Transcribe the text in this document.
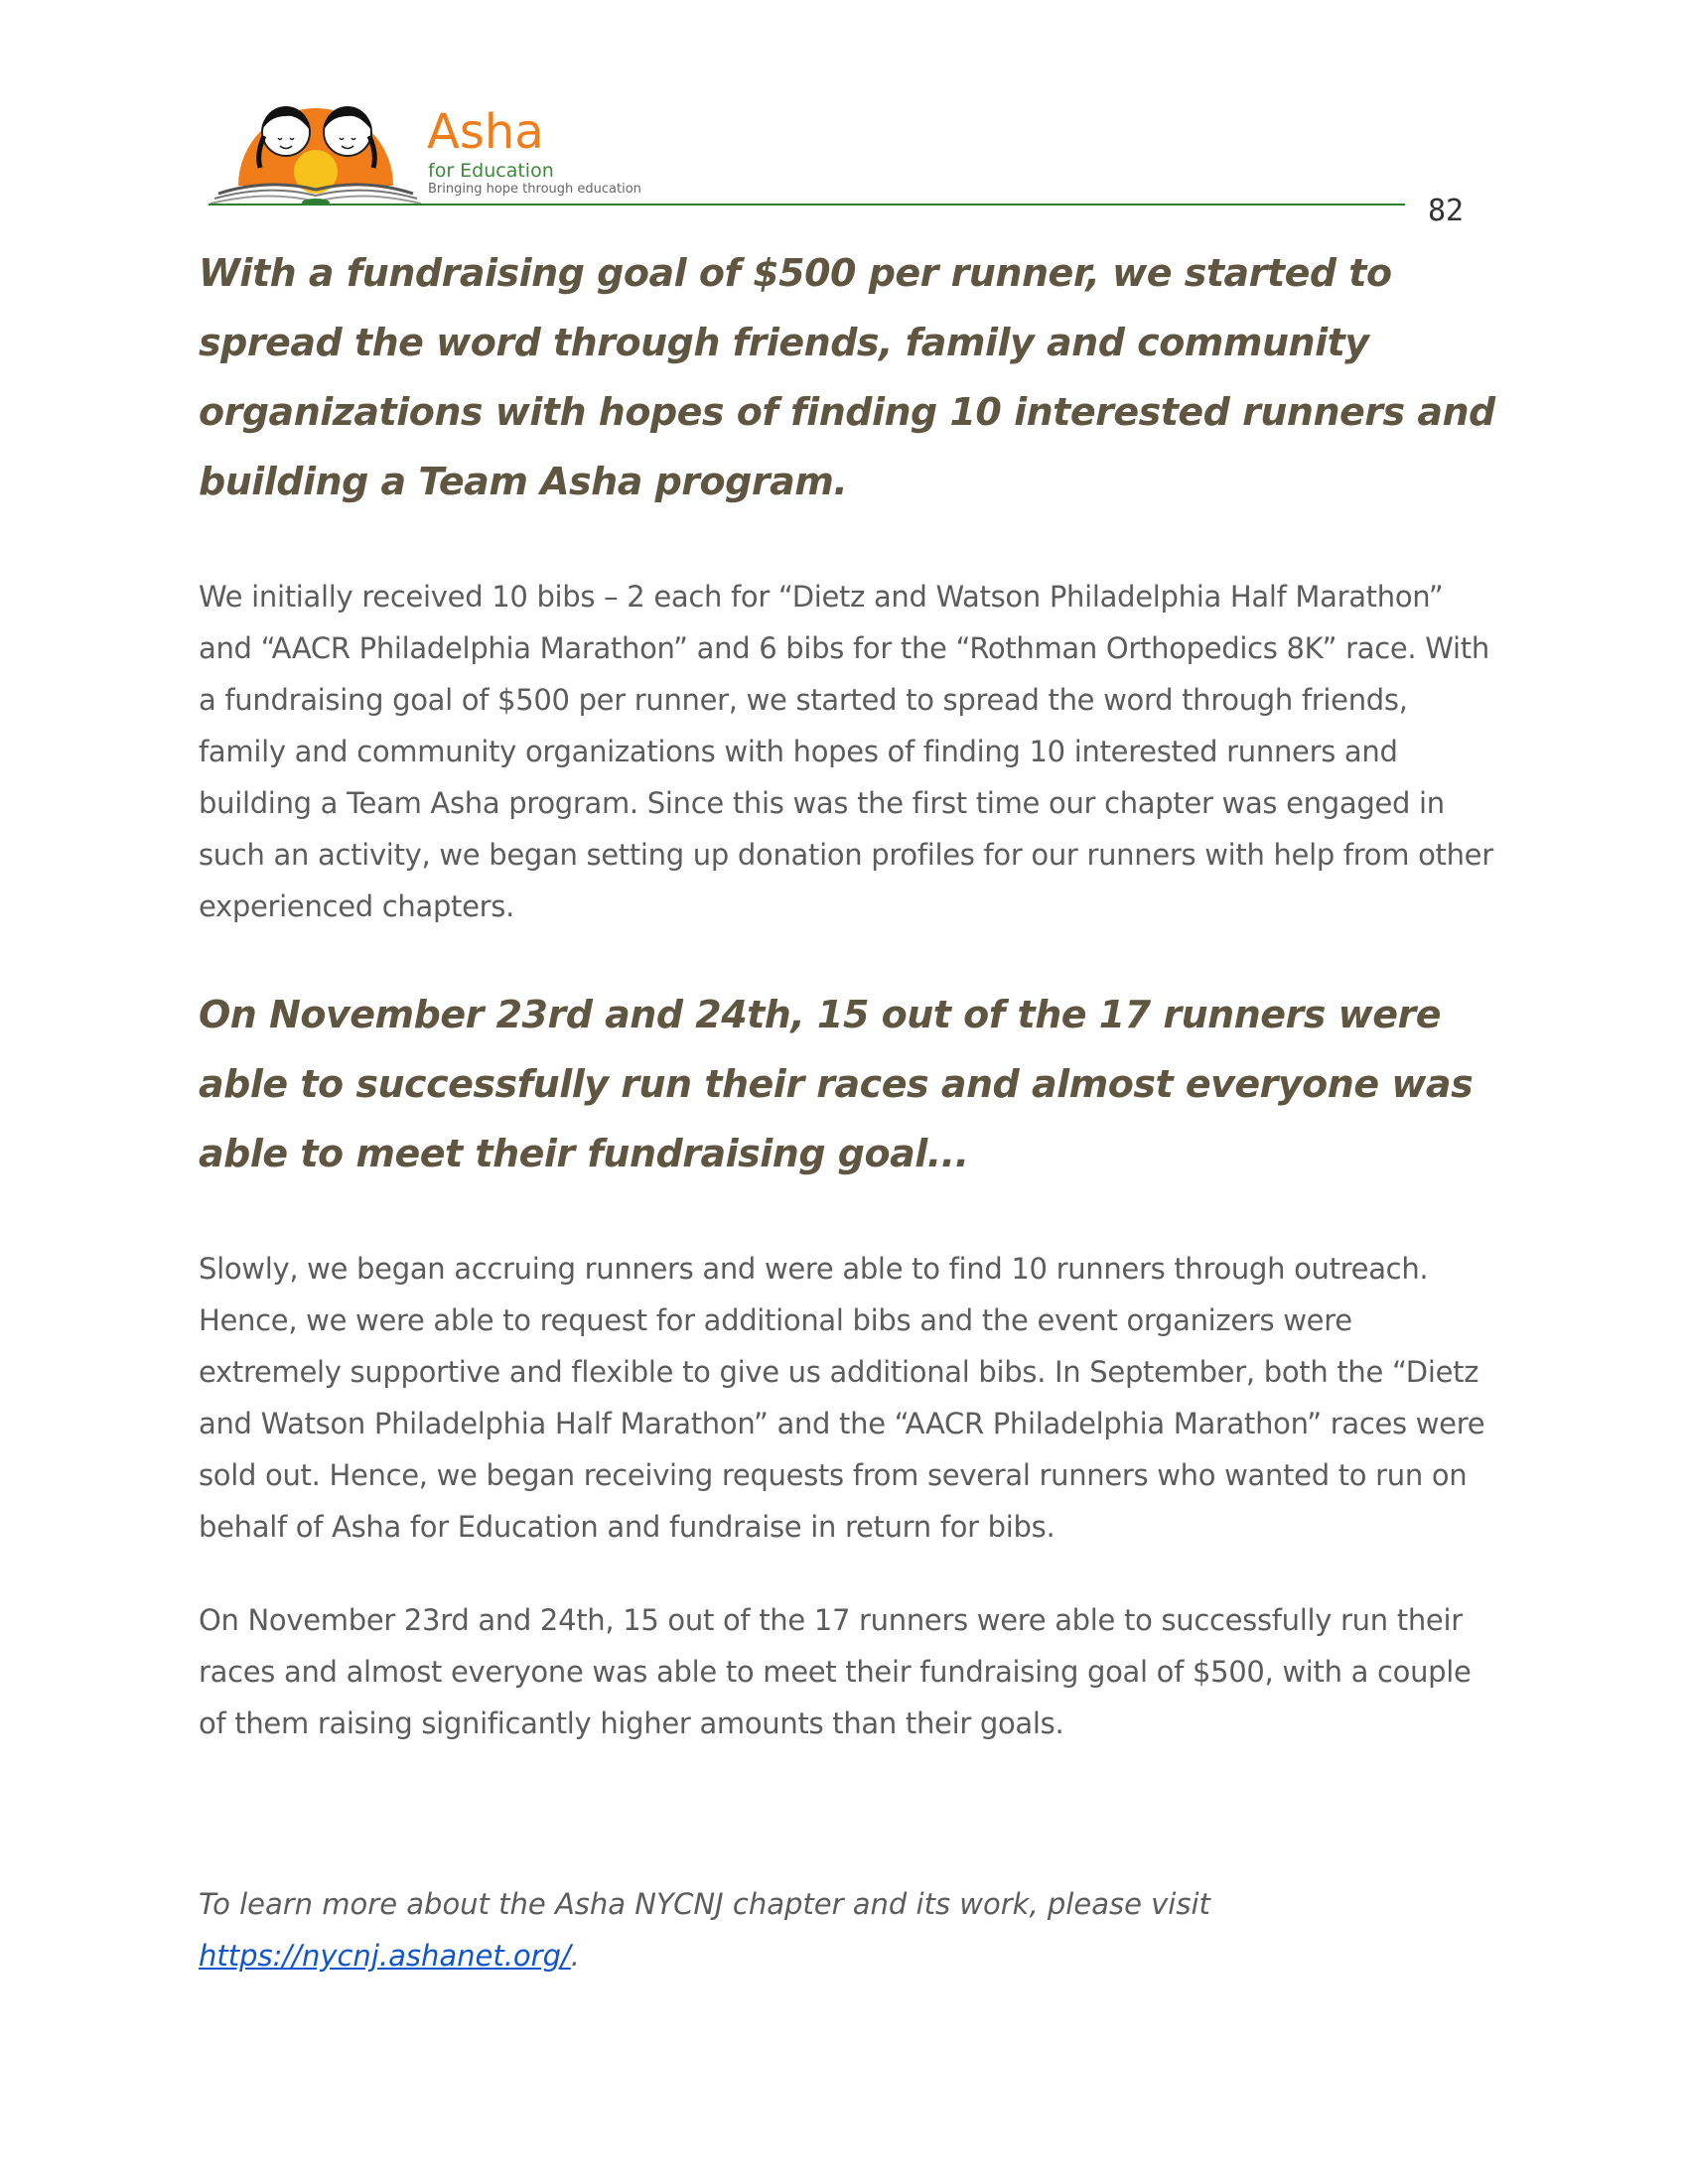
Asha
for Education
Bringing hope through education
82

With a fundraising goal of $500 per runner, we started to spread the word through friends, family and community organizations with hopes of finding 10 interested runners and building a Team Asha program.

We initially received 10 bibs – 2 each for “Dietz and Watson Philadelphia Half Marathon” and “AACR Philadelphia Marathon” and 6 bibs for the “Rothman Orthopedics 8K” race. With a fundraising goal of $500 per runner, we started to spread the word through friends, family and community organizations with hopes of finding 10 interested runners and building a Team Asha program. Since this was the first time our chapter was engaged in such an activity, we began setting up donation profiles for our runners with help from other experienced chapters.

On November 23rd and 24th, 15 out of the 17 runners were able to successfully run their races and almost everyone was able to meet their fundraising goal...

Slowly, we began accruing runners and were able to find 10 runners through outreach. Hence, we were able to request for additional bibs and the event organizers were extremely supportive and flexible to give us additional bibs. In September, both the “Dietz and Watson Philadelphia Half Marathon” and the “AACR Philadelphia Marathon” races were sold out. Hence, we began receiving requests from several runners who wanted to run on behalf of Asha for Education and fundraise in return for bibs.

On November 23rd and 24th, 15 out of the 17 runners were able to successfully run their races and almost everyone was able to meet their fundraising goal of $500, with a couple of them raising significantly higher amounts than their goals.

To learn more about the Asha NYCNJ chapter and its work, please visit
https://nycnj.ashanet.org/.
